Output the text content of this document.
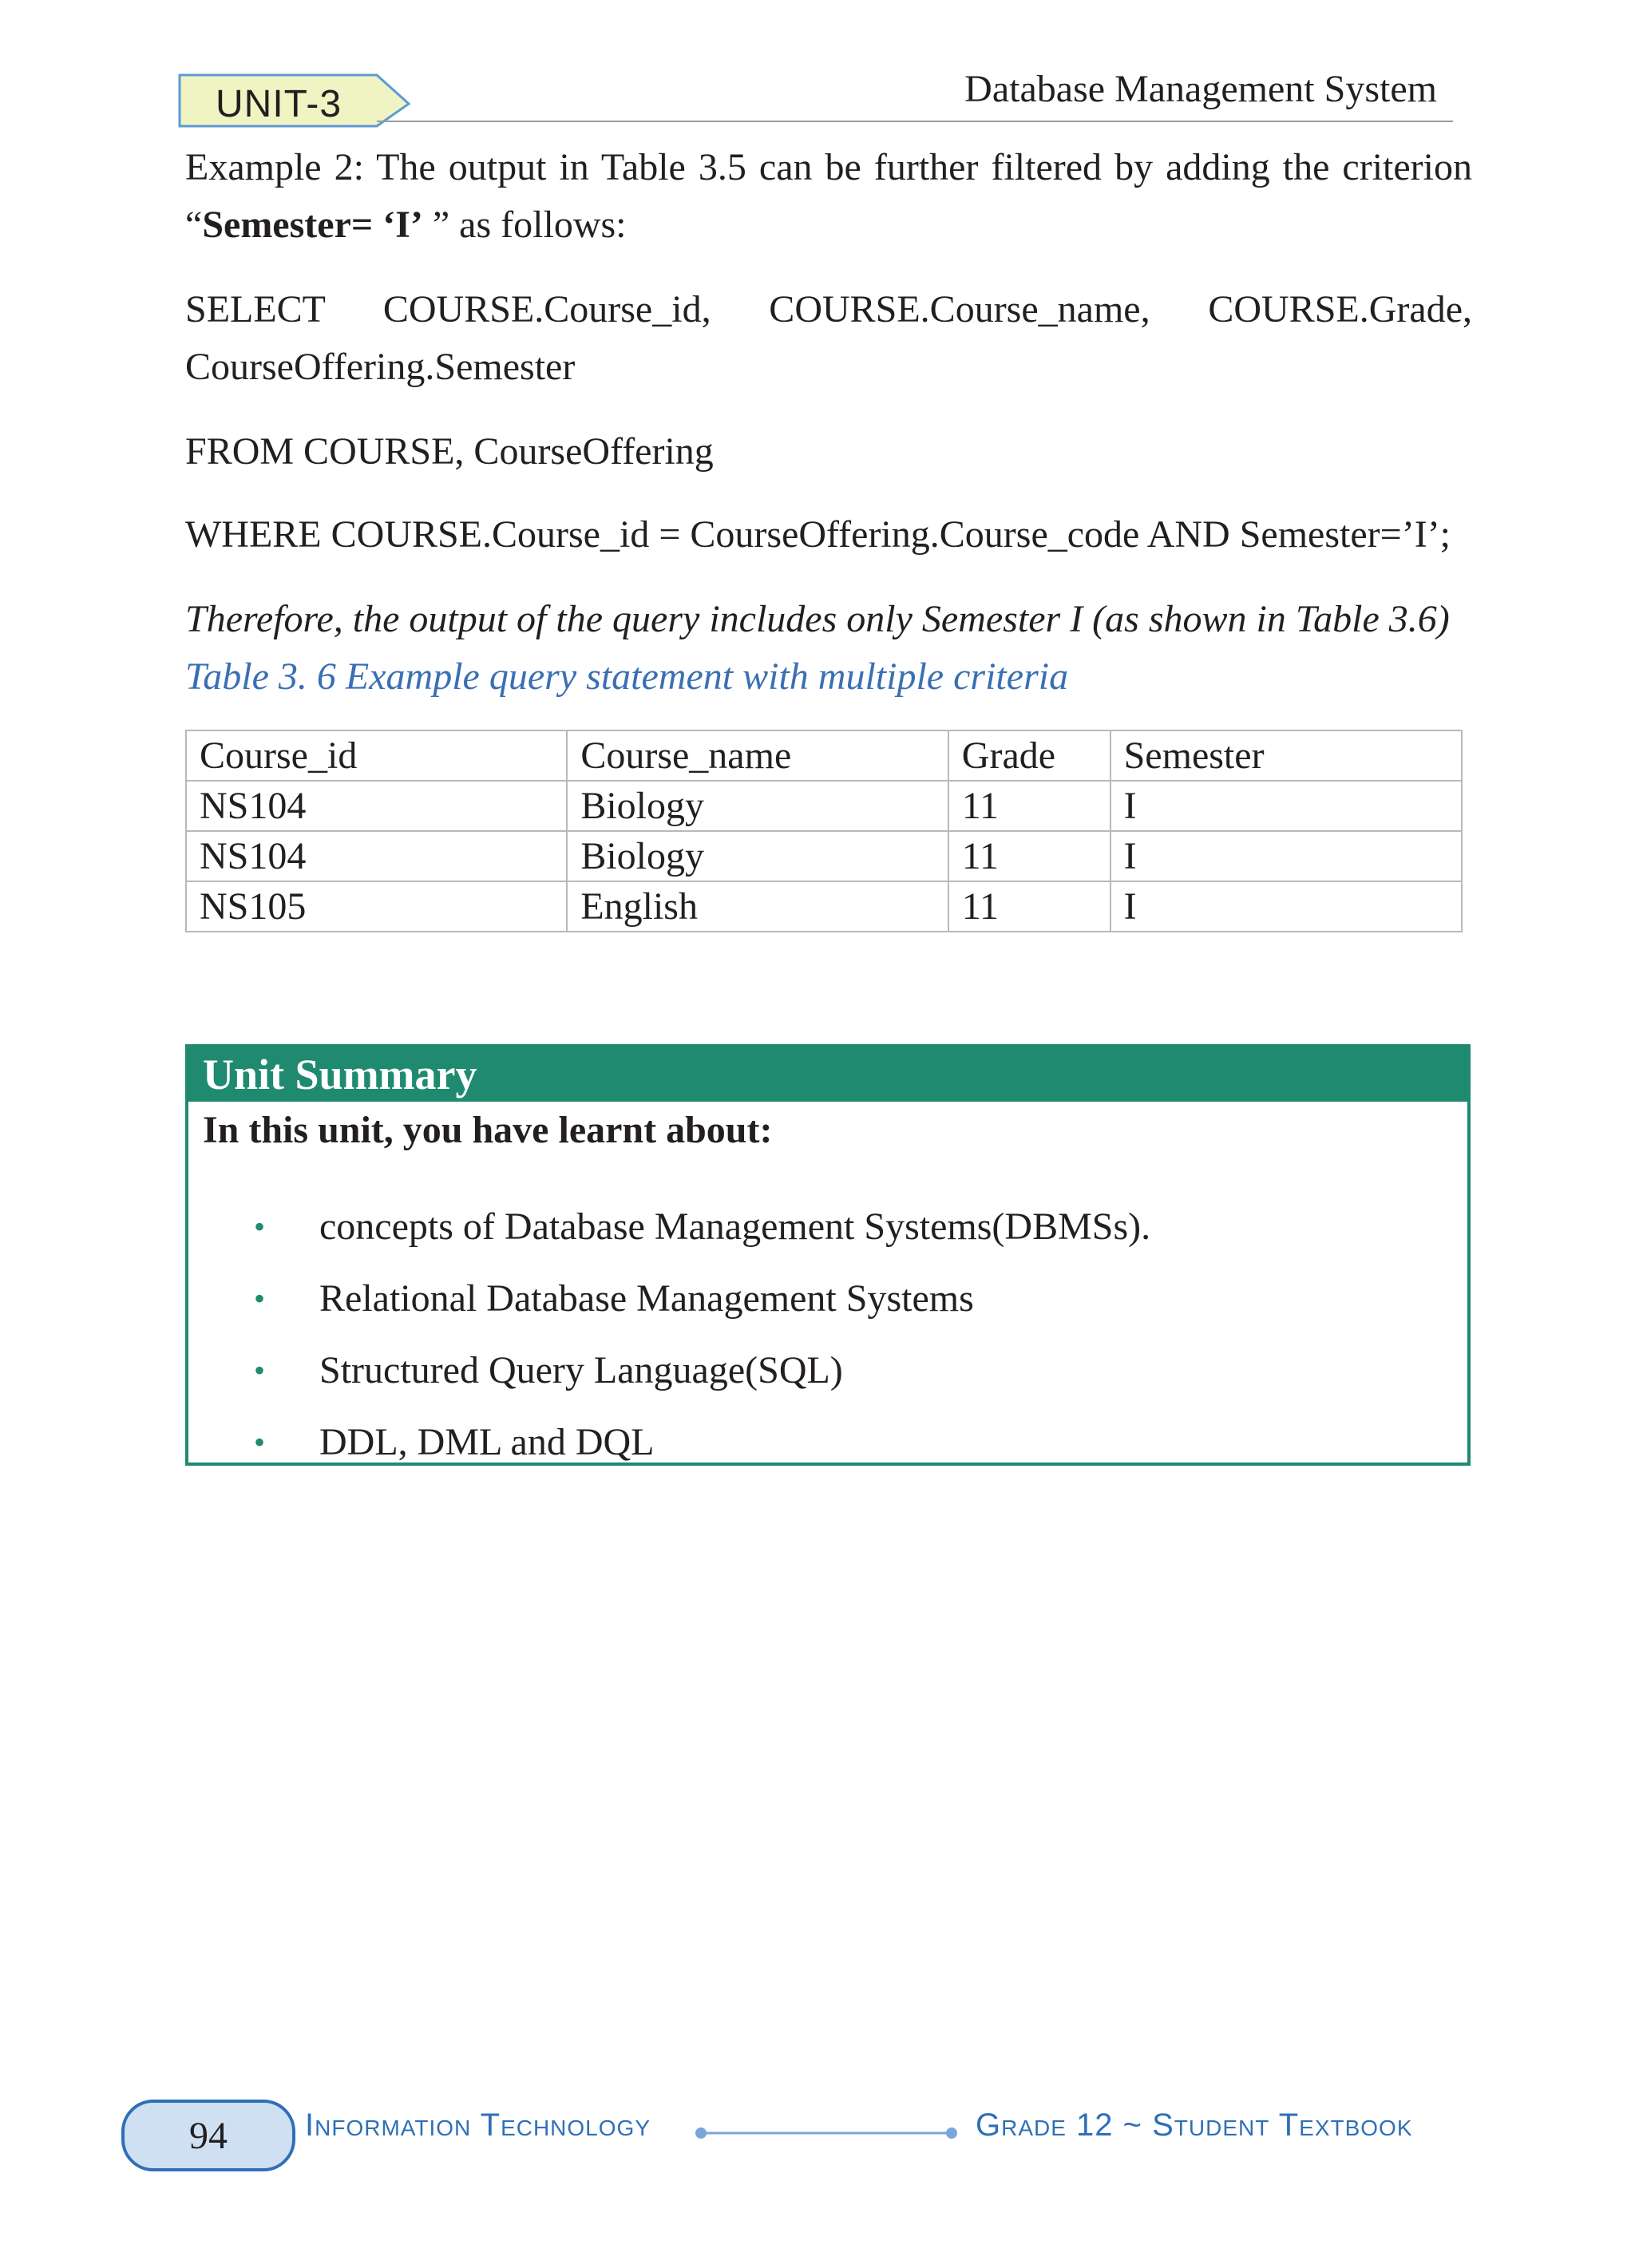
UNIT-3	Database Management System

Example 2: The output in Table 3.5 can be further filtered by adding the criterion

“Semester= ‘I’ ” as follows:

SELECT COURSE.Course_id, COURSE.Course_name, COURSE.Grade,

CourseOffering.Semester

FROM COURSE, CourseOffering

WHERE COURSE.Course_id = CourseOffering.Course_code AND Semester=’I’;

Therefore, the output of the query includes only Semester I (as shown in Table 3.6)

Table 3. 6 Example query statement with multiple criteria

Course_id	Course_name	Grade	Semester
NS104	Biology	11	I
NS104	Biology	11	I
NS105	English	11	I
Unit Summary
In this unit, you have learnt about:
• concepts of Database Management Systems(DBMSs).
• Relational Database Management Systems
• Structured Query Language(SQL)
• DDL, DML and DQL
94	Information Technology	Grade 12 ~ Student Textbook
